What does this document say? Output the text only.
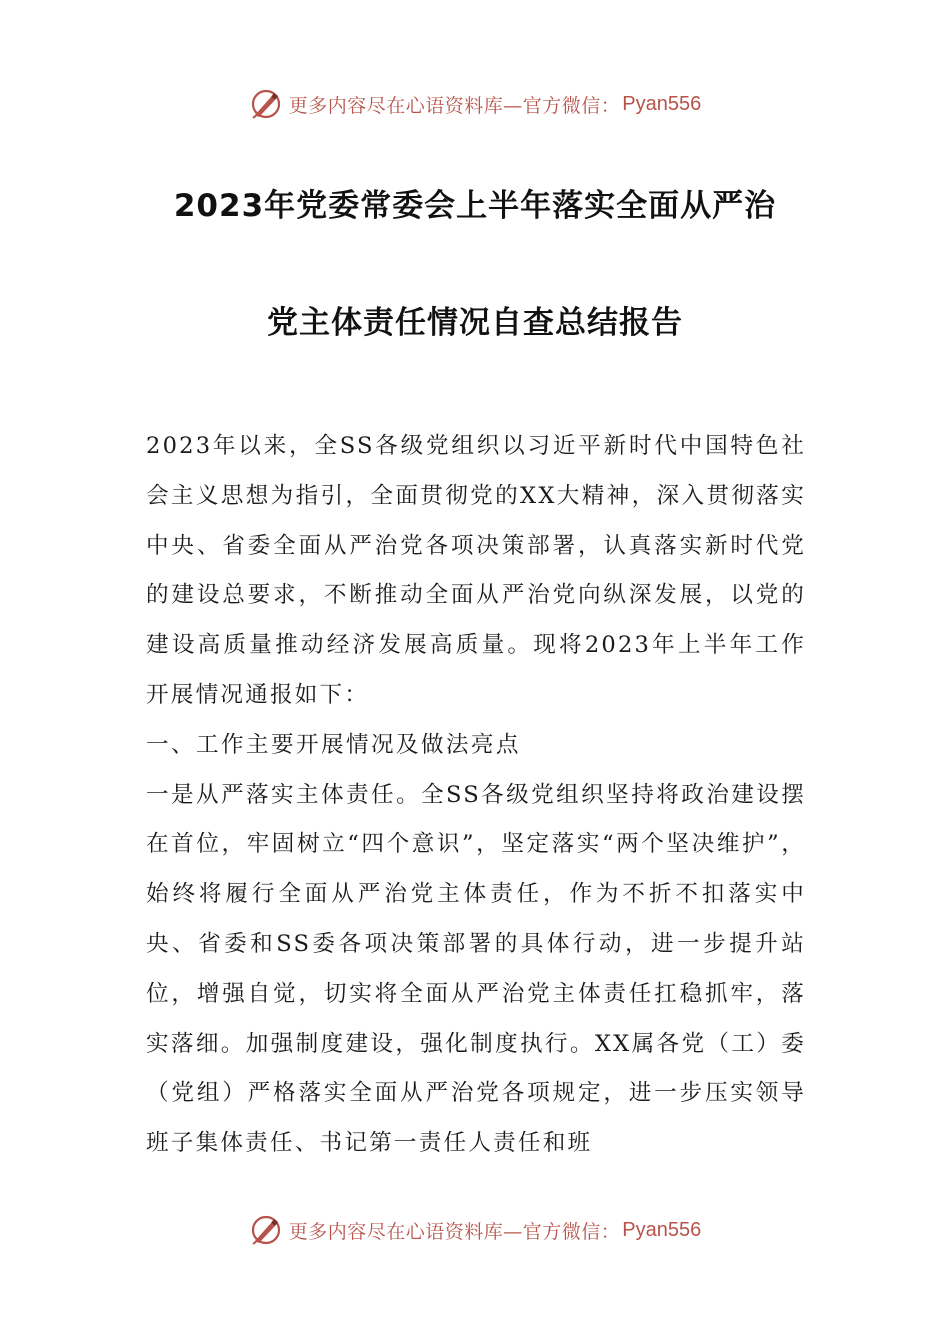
更多内容尽在心语资料库—官方微信： Pyan556
2023年党委常委会上半年落实全面从严治
党主体责任情况自查总结报告

2023年以来，全SS各级党组织以习近平新时代中国特色社会主义思想为指引，全面贯彻党的XX大精神，深入贯彻落实中央、省委全面从严治党各项决策部署，认真落实新时代党的建设总要求，不断推动全面从严治党向纵深发展，以党的建设高质量推动经济发展高质量。现将2023年上半年工作开展情况通报如下：

一、工作主要开展情况及做法亮点

一是从严落实主体责任。全SS各级党组织坚持将政治建设摆在首位，牢固树立“四个意识”，坚定落实“两个坚决维护”，始终将履行全面从严治党主体责任，作为不折不扣落实中央、省委和SS委各项决策部署的具体行动，进一步提升站位，增强自觉，切实将全面从严治党主体责任扛稳抓牢，落实落细。加强制度建设，强化制度执行。XX属各党（工）委（党组）严格落实全面从严治党各项规定，进一步压实领导班子集体责任、书记第一责任人责任和班

更多内容尽在心语资料库—官方微信： Pyan556
